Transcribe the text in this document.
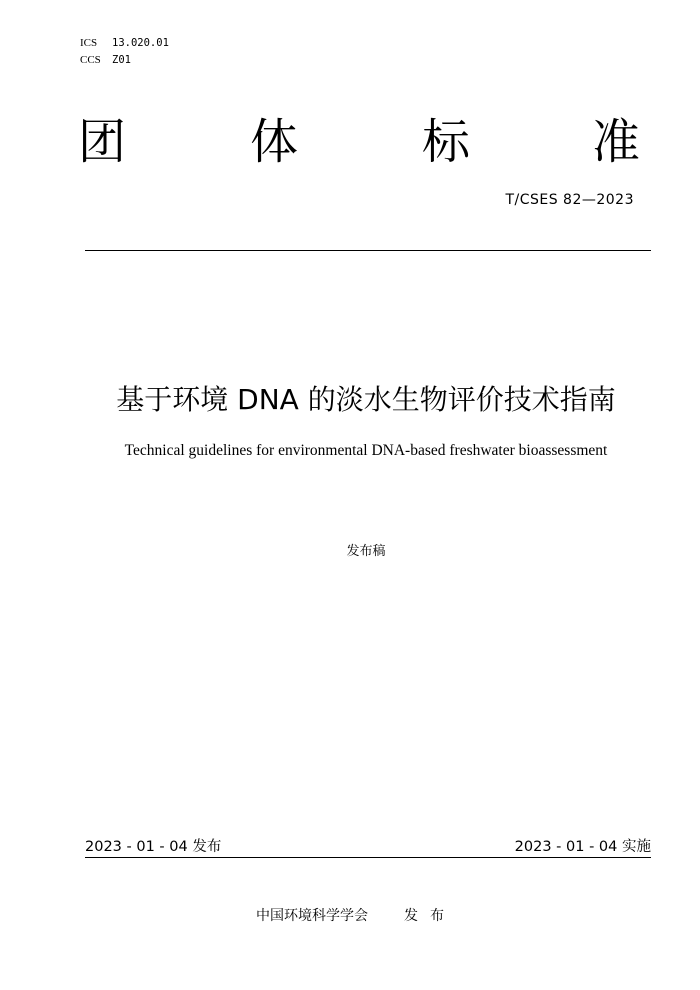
ICS 13.020.01
CCS Z01
团	体	标	准
T/CSES 82—2023
基于环境 DNA 的淡水生物评价技术指南
Technical guidelines for environmental DNA-based freshwater bioassessment
发布稿
2023 - 01 - 04 发布	2023 - 01 - 04 实施
中国环境科学学会	发布
